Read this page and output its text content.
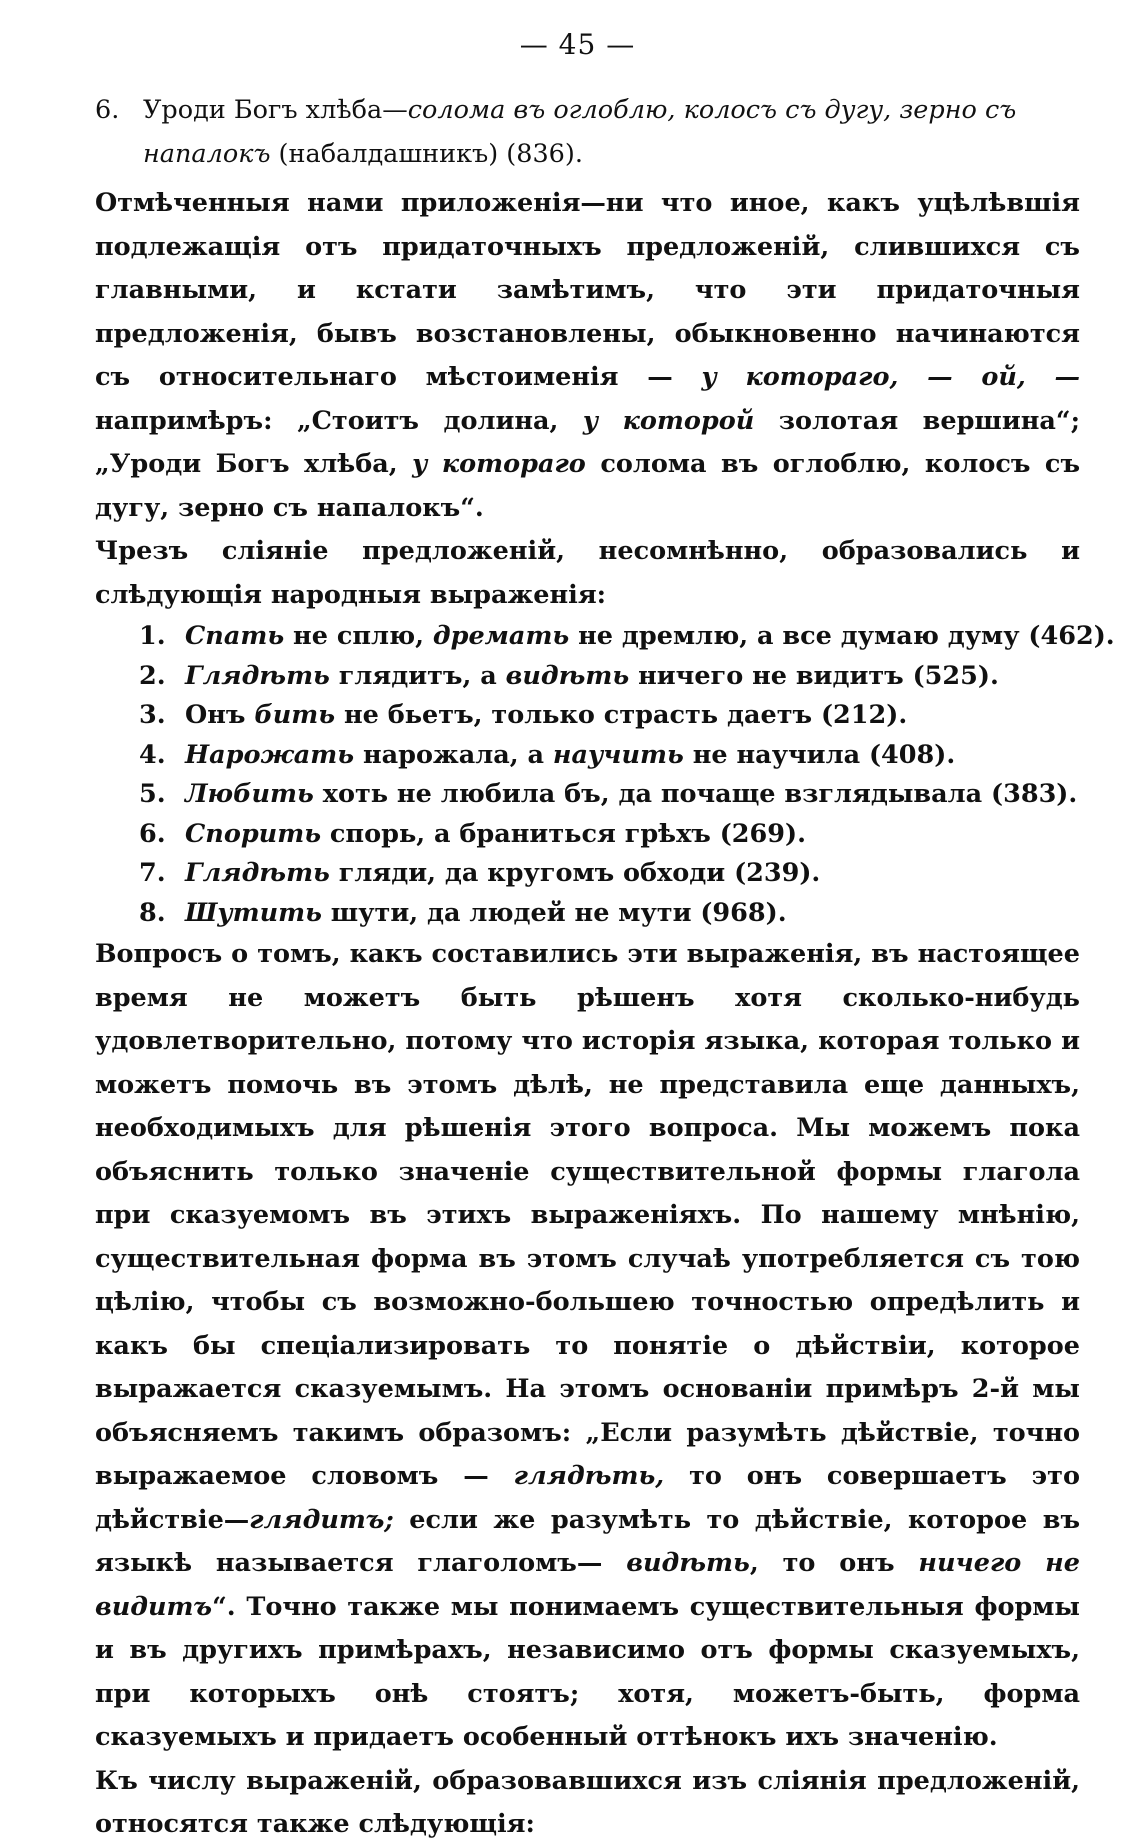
— 45 —

6. Уроди Богъ хлѣба—солома въ оглоблю, колосъ съ дугу, зерно съ напалокъ (набалдашникъ) (836).

Отмѣченныя нами приложенія—ни что иное, какъ уцѣлѣвшія подлежащія отъ придаточныхъ предложеній, слившихся съ главными, и кстати замѣтимъ, что эти придаточныя предложенія, бывъ возстановлены, обыкновенно начинаются съ относительнаго мѣстоименія — у котораго, — ой, — напримѣръ: „Стоитъ долина, у которой золотая вершина“; „Уроди Богъ хлѣба, у котораго солома въ оглоблю, колосъ съ дугу, зерно съ напалокъ“.

Чрезъ сліяніе предложеній, несомнѣнно, образовались и слѣдующія народныя выраженія:

1. Спать не сплю, дремать не дремлю, а все думаю думу (462).
2. Глядѣть глядитъ, а видѣть ничего не видитъ (525).
3. Онъ бить не бьетъ, только страсть даетъ (212).
4. Нарожать нарожала, а научить не научила (408).
5. Любить хоть не любила бъ, да почаще взглядывала (383).
6. Спорить спорь, а браниться грѣхъ (269).
7. Глядѣть гляди, да кругомъ обходи (239).
8. Шутить шути, да людей не мути (968).

Вопросъ о томъ, какъ составились эти выраженія, въ настоящее время не можетъ быть рѣшенъ хотя сколько-нибудь удовлетворительно, потому что исторія языка, которая только и можетъ помочь въ этомъ дѣлѣ, не представила еще данныхъ, необходимыхъ для рѣшенія этого вопроса. Мы можемъ пока объяснить только значеніе существительной формы глагола при сказуемомъ въ этихъ выраженіяхъ. По нашему мнѣнію, существительная форма въ этомъ случаѣ употребляется съ тою цѣлію, чтобы съ возможно-большею точностью опредѣлить и какъ бы спеціализировать то понятіе о дѣйствіи, которое выражается сказуемымъ. На этомъ основаніи примѣръ 2-й мы объясняемъ такимъ образомъ: „Если разумѣть дѣйствіе, точно выражаемое словомъ — глядѣть, то онъ совершаетъ это дѣйствіе—глядитъ; если же разумѣть то дѣйствіе, которое въ языкѣ называется глаголомъ— видѣть, то онъ ничего не видитъ“. Точно также мы понимаемъ существительныя формы и въ другихъ примѣрахъ, независимо отъ формы сказуемыхъ, при которыхъ онѣ стоятъ; хотя, можетъ-быть, форма сказуемыхъ и придаетъ особенный оттѣнокъ ихъ значенію.

Къ числу выраженій, образовавшихся изъ сліянія предложеній, относятся также слѣдующія:
